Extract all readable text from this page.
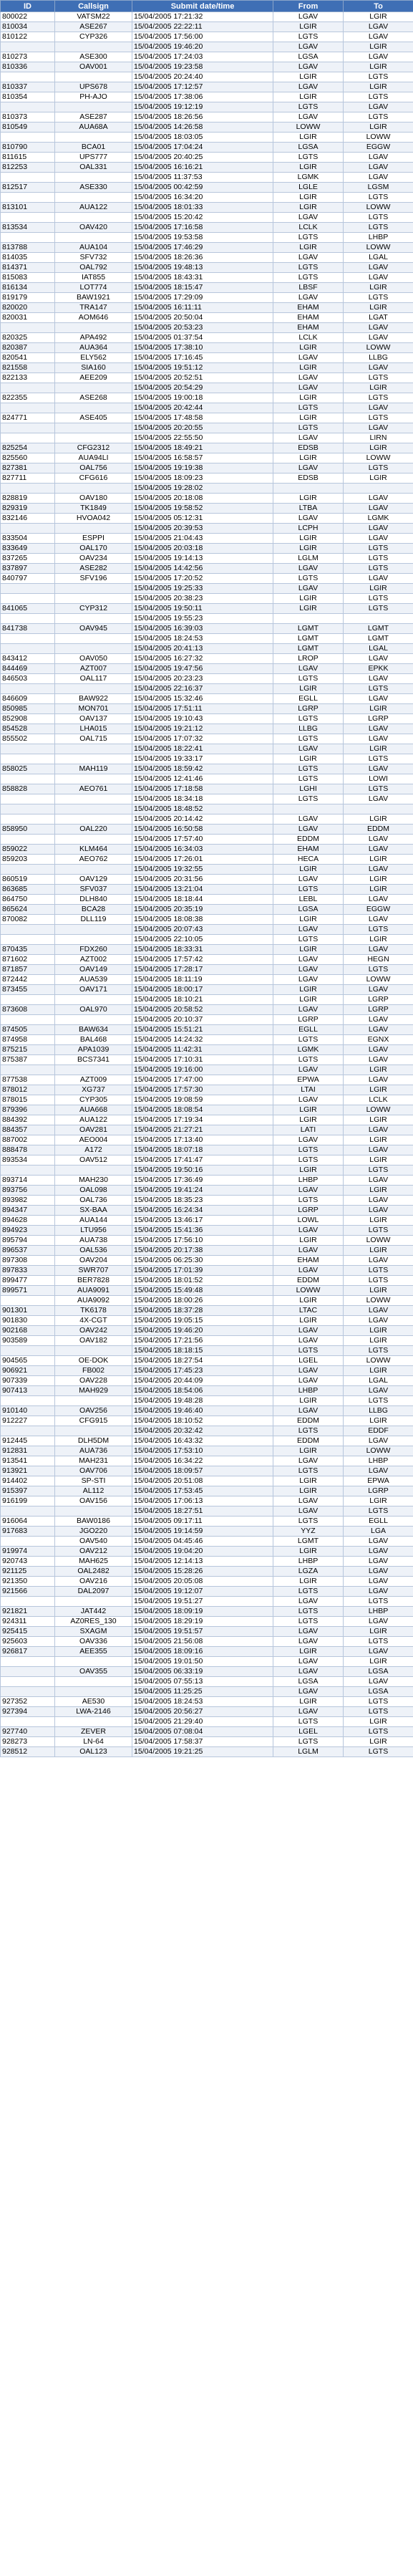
ID	Callsign	Submit date/time	From	To
800022	VATSM22	15/04/2005 17:21:32	LGAV	LGIR
810034	ASE267	15/04/2005 22:22:11	LGIR	LGAV
810122	CYP326	15/04/2005 17:56:00	LGTS	LGAV
		15/04/2005 19:46:20	LGAV	LGIR
810273	ASE300	15/04/2005 17:24:03	LGSA	LGAV
810336	OAV001	15/04/2005 19:23:58	LGAV	LGIR
		15/04/2005 20:24:40	LGIR	LGTS
810337	UPS678	15/04/2005 17:12:57	LGAV	LGIR
810354	PH-AJO	15/04/2005 17:38:06	LGIR	LGTS
		15/04/2005 19:12:19	LGTS	LGAV
810373	ASE287	15/04/2005 18:26:56	LGAV	LGTS
810549	AUA68A	15/04/2005 14:26:58	LOWW	LGIR
		15/04/2005 18:03:05	LGIR	LOWW
810790	BCA01	15/04/2005 17:04:24	LGSA	EGGW
811615	UPS777	15/04/2005 20:40:25	LGTS	LGAV
812253	OAL331	15/04/2005 16:16:21	LGIR	LGAV
		15/04/2005 11:37:53	LGMK	LGAV
812517	ASE330	15/04/2005 00:42:59	LGLE	LGSM
		15/04/2005 16:34:20	LGIR	LGTS
813101	AUA122	15/04/2005 18:01:33	LGIR	LOWW
		15/04/2005 15:20:42	LGAV	LGTS
813534	OAV420	15/04/2005 17:16:58	LCLK	LGTS
		15/04/2005 19:53:58	LGTS	LHBP
813788	AUA104	15/04/2005 17:46:29	LGIR	LOWW
814035	SFV732	15/04/2005 18:26:36	LGAV	LGAL
814371	OAL792	15/04/2005 19:48:13	LGTS	LGAV
815083	IAT855	15/04/2005 18:43:31	LGTS	LGAV
816134	LOT774	15/04/2005 18:15:47	LBSF	LGIR
819179	BAW1921	15/04/2005 17:29:09	LGAV	LGTS
820020	TRA147	15/04/2005 16:11:11	EHAM	LGIR
820031	AOM646	15/04/2005 20:50:04	EHAM	LGAT
		15/04/2005 20:53:23	EHAM	LGAV
820325	APA492	15/04/2005 01:37:54	LCLK	LGAV
820387	AUA364	15/04/2005 17:38:10	LGIR	LOWW
820541	ELY562	15/04/2005 17:16:45	LGAV	LLBG
821558	SIA160	15/04/2005 19:51:12	LGIR	LGAV
822133	AEE209	15/04/2005 20:52:51	LGAV	LGTS
		15/04/2005 20:54:29	LGAV	LGIR
822355	ASE268	15/04/2005 19:00:18	LGIR	LGTS
		15/04/2005 20:42:44	LGTS	LGAV
824771	ASE405	15/04/2005 17:48:58	LGIR	LGTS
		15/04/2005 20:20:55	LGTS	LGAV
		15/04/2005 22:55:50	LGAV	LIRN
825254	CFG2312	15/04/2005 18:49:21	EDSB	LGIR
825560	AUA94LI	15/04/2005 16:58:57	LGIR	LOWW
827381	OAL756	15/04/2005 19:19:38	LGAV	LGTS
827711	CFG616	15/04/2005 18:09:23	EDSB	LGIR
		15/04/2005 19:28:02		
828819	OAV180	15/04/2005 20:18:08	LGIR	LGAV
829319	TK1849	15/04/2005 19:58:52	LTBA	LGAV
832146	HVOA042	15/04/2005 05:12:31	LGAV	LGMK
		15/04/2005 20:39:53	LCPH	LGAV
833504	ESPPI	15/04/2005 21:04:43	LGIR	LGAV
833649	OAL170	15/04/2005 20:03:18	LGIR	LGTS
837265	OAV234	15/04/2005 19:14:13	LGLM	LGTS
837897	ASE282	15/04/2005 14:42:56	LGAV	LGTS
840797	SFV196	15/04/2005 17:20:52	LGTS	LGAV
		15/04/2005 19:25:33	LGAV	LGIR
		15/04/2005 20:38:23	LGIR	LGTS
841065	CYP312	15/04/2005 19:50:11	LGIR	LGTS
		15/04/2005 19:55:23		
841738	OAV945	15/04/2005 16:39:03	LGMT	LGMT
		15/04/2005 18:24:53	LGMT	LGMT
		15/04/2005 20:41:13	LGMT	LGAL
843412	OAV050	15/04/2005 16:27:32	LROP	LGAV
844469	AZT007	15/04/2005 19:47:56	LGAV	EPKK
846503	OAL117	15/04/2005 20:23:23	LGTS	LGAV
		15/04/2005 22:16:37	LGIR	LGTS
846609	BAW922	15/04/2005 15:32:46	EGLL	LGAV
850985	MON701	15/04/2005 17:51:11	LGRP	LGIR
852908	OAV137	15/04/2005 19:10:43	LGTS	LGRP
854528	LHA015	15/04/2005 19:21:12	LLBG	LGAV
855502	OAL715	15/04/2005 17:07:32	LGTS	LGAV
		15/04/2005 18:22:41	LGAV	LGIR
		15/04/2005 19:33:17	LGIR	LGTS
858025	MAH119	15/04/2005 18:59:42	LGTS	LGAV
		15/04/2005 12:41:46	LGTS	LOWI
858828	AEO761	15/04/2005 17:18:58	LGHI	LGTS
		15/04/2005 18:34:18	LGTS	LGAV
		15/04/2005 18:48:52		
		15/04/2005 20:14:42	LGAV	LGIR
858950	OAL220	15/04/2005 16:50:58	LGAV	EDDM
		15/04/2005 17:57:40	EDDM	LGAV
859022	KLM464	15/04/2005 16:34:03	EHAM	LGAV
859203	AEO762	15/04/2005 17:26:01	HECA	LGIR
		15/04/2005 19:32:55	LGIR	LGAV
860519	OAV129	15/04/2005 20:31:56	LGAV	LGIR
863685	SFV037	15/04/2005 13:21:04	LGTS	LGIR
864750	DLH840	15/04/2005 18:18:44	LEBL	LGAV
865624	BCA28	15/04/2005 20:35:19	LGSA	EGGW
870082	DLL119	15/04/2005 18:08:38	LGIR	LGAV
		15/04/2005 20:07:43	LGAV	LGTS
		15/04/2005 22:10:05	LGTS	LGIR
870435	FDX260	15/04/2005 18:33:31	LGIR	LGAV
871602	AZT002	15/04/2005 17:57:42	LGAV	HEGN
871857	OAV149	15/04/2005 17:28:17	LGAV	LGTS
872442	AUA539	15/04/2005 18:11:19	LGAV	LOWW
873455	OAV171	15/04/2005 18:00:17	LGIR	LGAV
		15/04/2005 18:10:21	LGIR	LGRP
873608	OAL970	15/04/2005 20:58:52	LGAV	LGRP
		15/04/2005 20:10:37	LGRP	LGAV
874505	BAW634	15/04/2005 15:51:21	EGLL	LGAV
874958	BAL468	15/04/2005 14:24:32	LGTS	EGNX
875215	APA1039	15/04/2005 11:42:31	LGMK	LGAV
875387	BCS7341	15/04/2005 17:10:31	LGTS	LGAV
		15/04/2005 19:16:00	LGAV	LGIR
877538	AZT009	15/04/2005 17:47:00	EPWA	LGAV
878012	XG737	15/04/2005 17:57:30	LTAI	LGIR
878015	CYP305	15/04/2005 19:08:59	LGAV	LCLK
879396	AUA668	15/04/2005 18:08:54	LGIR	LOWW
884392	AUA122	15/04/2005 17:19:34	LGIR	LGIR
884357	OAV281	15/04/2005 21:27:21	LATI	LGAV
887002	AEO004	15/04/2005 17:13:40	LGAV	LGIR
888478	A172	15/04/2005 18:07:18	LGTS	LGAV
893534	OAV512	15/04/2005 17:41:47	LGTS	LGIR
		15/04/2005 19:50:16	LGIR	LGTS
893714	MAH230	15/04/2005 17:36:49	LHBP	LGAV
893756	OAL098	15/04/2005 19:41:24	LGAV	LGIR
893982	OAL736	15/04/2005 18:35:23	LGTS	LGAV
894347	SX-BAA	15/04/2005 16:24:34	LGRP	LGAV
894628	AUA144	15/04/2005 13:46:17	LOWL	LGIR
894923	LTU956	15/04/2005 15:41:36	LGAV	LGTS
895794	AUA738	15/04/2005 17:56:10	LGIR	LOWW
896537	OAL536	15/04/2005 20:17:38	LGAV	LGIR
897308	OAV204	15/04/2005 06:25:30	EHAM	LGAV
897833	SWR707	15/04/2005 17:01:39	LGAV	LGTS
899477	BER7828	15/04/2005 18:01:52	EDDM	LGTS
899571	AUA9091	15/04/2005 15:49:48	LOWW	LGIR
	AUA9092	15/04/2005 18:00:26	LGIR	LOWW
901301	TK6178	15/04/2005 18:37:28	LTAC	LGAV
901830	4X-CGT	15/04/2005 19:05:15	LGIR	LGAV
902168	OAV242	15/04/2005 19:46:20	LGAV	LGIR
903589	OAV182	15/04/2005 17:21:56	LGAV	LGIR
		15/04/2005 18:18:15	LGTS	LGTS
904565	OE-DOK	15/04/2005 18:27:54	LGEL	LOWW
906921	FB002	15/04/2005 17:45:23	LGAV	LGIR
907339	OAV228	15/04/2005 20:44:09	LGAV	LGAL
907413	MAH929	15/04/2005 18:54:06	LHBP	LGAV
		15/04/2005 19:48:28	LGIR	LGTS
910140	OAV256	15/04/2005 19:46:40	LGAV	LLBG
912227	CFG915	15/04/2005 18:10:52	EDDM	LGIR
		15/04/2005 20:32:42	LGTS	EDDF
912445	DLH5DM	15/04/2005 16:43:32	EDDM	LGAV
912831	AUA736	15/04/2005 17:53:10	LGIR	LOWW
913541	MAH231	15/04/2005 16:34:22	LGAV	LHBP
913921	OAV706	15/04/2005 18:09:57	LGTS	LGAV
914402	SP-STI	15/04/2005 20:51:08	LGIR	EPWA
915397	AL112	15/04/2005 17:53:45	LGIR	LGRP
916199	OAV156	15/04/2005 17:06:13	LGAV	LGIR
		15/04/2005 18:27:51	LGAV	LGTS
916064	BAW0186	15/04/2005 09:17:11	LGTS	EGLL
917683	JGO220	15/04/2005 19:14:59	YYZ	LGA
	OAV540	15/04/2005 04:45:46	LGMT	LGAV
919974	OAV212	15/04/2005 19:04:20	LGIR	LGAV
920743	MAH625	15/04/2005 12:14:13	LHBP	LGAV
921125	OAL2482	15/04/2005 15:28:26	LGZA	LGAV
921350	OAV216	15/04/2005 20:05:08	LGIR	LGAV
921566	DAL2097	15/04/2005 19:12:07	LGTS	LGAV
		15/04/2005 19:51:27	LGAV	LGTS
921821	JAT442	15/04/2005 18:09:19	LGTS	LHBP
924311	AZ0RES_130	15/04/2005 18:29:19	LGTS	LGAV
925415	SXAGM	15/04/2005 19:51:57	LGAV	LGIR
925603	OAV336	15/04/2005 21:56:08	LGAV	LGTS
926817	AEE355	15/04/2005 18:09:16	LGIR	LGAV
		15/04/2005 19:01:50	LGAV	LGIR
	OAV355	15/04/2005 06:33:19	LGAV	LGSA
		15/04/2005 07:55:13	LGSA	LGAV
		15/04/2005 11:25:25	LGAV	LGSA
927352	AE530	15/04/2005 18:24:53	LGIR	LGTS
927394	LWA-2146	15/04/2005 20:56:27	LGAV	LGTS
		15/04/2005 21:29:40	LGTS	LGIR
927740	ZEVER	15/04/2005 07:08:04	LGEL	LGTS
928273	LN-64	15/04/2005 17:58:37	LGTS	LGIR
928512	OAL123	15/04/2005 19:21:25	LGLM	LGTS
